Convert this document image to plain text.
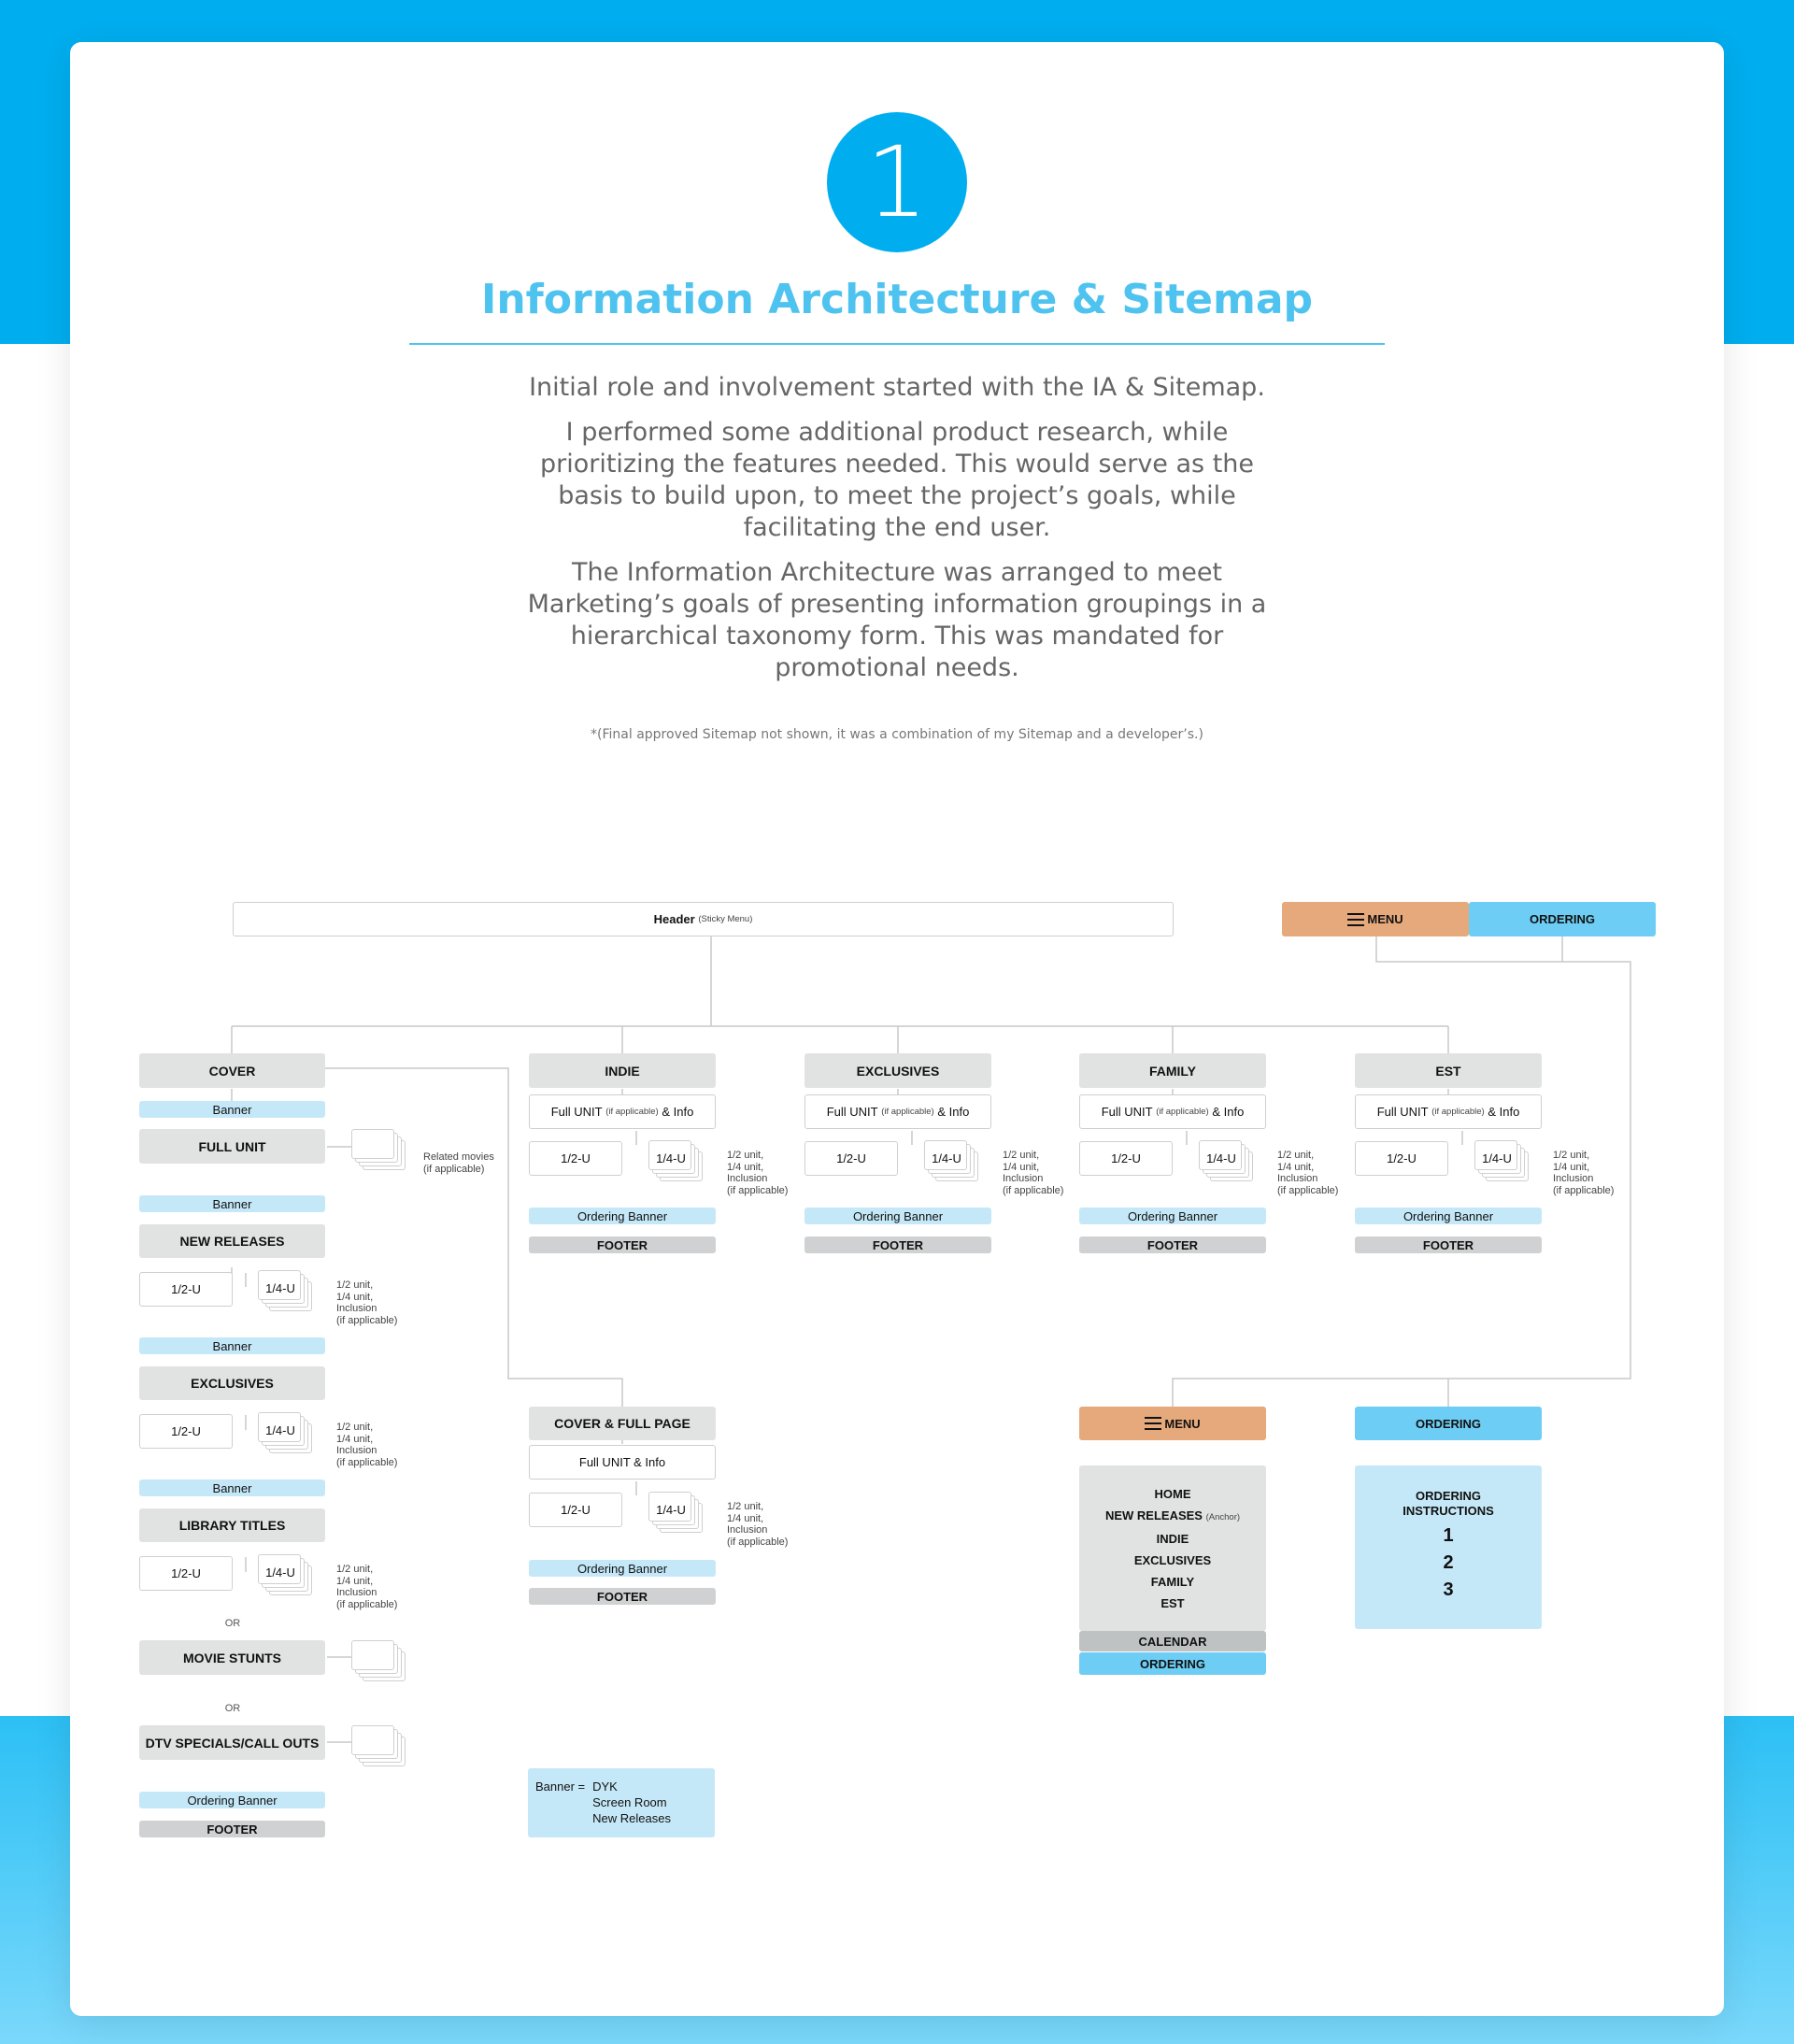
1
Information Architecture & Sitemap

Initial role and involvement started with the IA & Sitemap.

I performed some additional product research, while prioritizing the features needed. This would serve as the basis to build upon, to meet the project’s goals, while facilitating the end user.

The Information Architecture was arranged to meet Marketing’s goals of presenting information groupings in a hierarchical taxonomy form. This was mandated for promotional needs.

*(Final approved Sitemap not shown, it was a combination of my Sitemap and a developer’s.)
Header
(Sticky Menu)	MENU	ORDERING
COVER
Banner
FULL UNIT
Related movies
(if applicable)
Banner
NEW RELEASES
1/2-U	1/4-U	1/2 unit,
1/4 unit,
Inclusion
(if applicable)
Banner
EXCLUSIVES
1/2-U	1/4-U	1/2 unit,
1/4 unit,
Inclusion
(if applicable)
Banner
LIBRARY TITLES
1/2-U	1/4-U	1/2 unit,
1/4 unit,
Inclusion
(if applicable)
OR
MOVIE STUNTS
OR
DTV SPECIALS/CALL OUTS
Ordering Banner
FOOTER
INDIE
Full UNIT
(if applicable)
& Info
1/2-U	1/4-U	1/2 unit,
1/4 unit,
Inclusion
(if applicable)
Ordering Banner
FOOTER
EXCLUSIVES
Full UNIT
(if applicable)
& Info
1/2-U	1/4-U	1/2 unit,
1/4 unit,
Inclusion
(if applicable)
Ordering Banner
FOOTER
FAMILY
Full UNIT
(if applicable)
& Info
1/2-U	1/4-U	1/2 unit,
1/4 unit,
Inclusion
(if applicable)
Ordering Banner
FOOTER
EST
Full UNIT
(if applicable)
& Info
1/2-U	1/4-U	1/2 unit,
1/4 unit,
Inclusion
(if applicable)
Ordering Banner
FOOTER
COVER & FULL PAGE
Full UNIT & Info
1/2-U	1/4-U	1/2 unit,
1/4 unit,
Inclusion
(if applicable)
Ordering Banner
FOOTER
Banner = DYK
Screen Room
New Releases
MENU
HOME
NEW RELEASES (Anchor)
INDIE
EXCLUSIVES
FAMILY
EST
CALENDAR
ORDERING
ORDERING
ORDERING
INSTRUCTIONS
1
2
3
